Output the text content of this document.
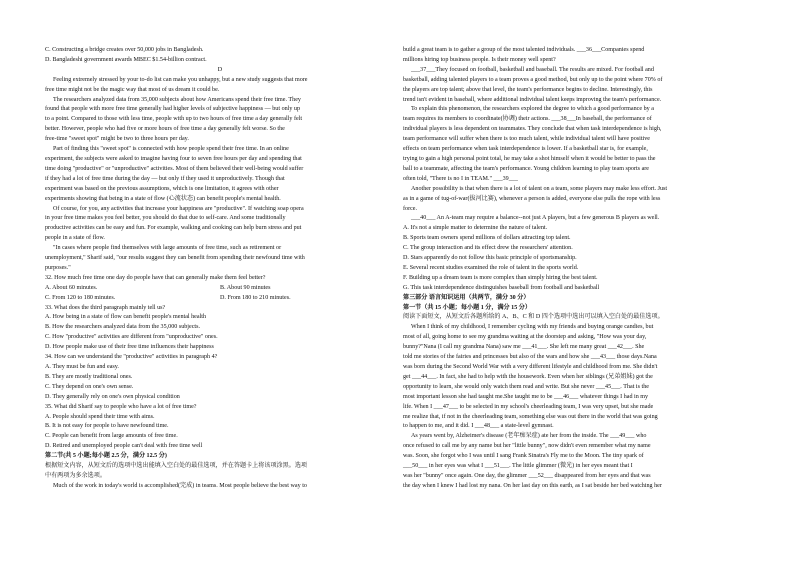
C. Constructing a bridge creates over 50,000 jobs in Bangladesh.

D. Bangladeshi government awards MBEC $1.54-billion contract.

D

Feeling extremely stressed by your to-do list can make you unhappy, but a new study suggests that more

free time might not be the magic way that most of us dream it could be.

The researchers analyzed data from 35,000 subjects about how Americans spend their free time. They

found that people with more free time generally had higher levels of subjective happiness — but only up

to a point. Compared to those with less time, people with up to two hours of free time a day generally felt

better. However, people who had five or more hours of free time a day generally felt worse. So the

free-time "sweet spot" might be two to three hours per day.

Part of finding this "sweet spot" is connected with how people spend their free time. In an online

experiment, the subjects were asked to imagine having four to seven free hours per day and spending that

time doing "productive" or "unproductive" activities. Most of them believed their well-being would suffer

if they had a lot of free time during the day — but only if they used it unproductively. Though that

experiment was based on the previous assumptions, which is one limitation, it agrees with other

experiments showing that being in a state of flow (心流状态) can benefit people's mental health.

Of course, for you, any activities that increase your happiness are "productive". If watching soap opera

in your free time makes you feel better, you should do that due to self-care. And some traditionally

productive activities can be easy and fun. For example, walking and cooking can help burn stress and put

people in a state of flow.

"In cases where people find themselves with large amounts of free time, such as retirement or

unemployment," Sharif said, "our results suggest they can benefit from spending their newfound time with

purposes."

32. How much free time one day do people have that can generally make them feel better?

A. About 60 minutes.	B. About 90 minutes
C. From 120 to 180 minutes.	D. From 180 to 210 minutes.

33. What does the third paragraph mainly tell us?

A. How being in a state of flow can benefit people's mental health

B. How the researchers analyzed data from the 35,000 subjects.

C. How "productive" activities are different from "unproductive" ones.

D. How people make use of their free time influences their happiness

34. How can we understand the "productive" activities in paragraph 4?

A. They must be fun and easy.

B. They are mostly traditional ones.

C. They depend on one's own sense.

D. They generally rely on one's own physical condition

35. What did Sharif say to people who have a lot of free time?

A. People should spend their time with aims.

B. It is not easy for people to have newfound time.

C. People can benefit from large amounts of free time.

D. Retired and unemployed people can't deal with free time well

第二节(共 5 小题;每小题 2.5 分，满分 12.5 分)

根据短文内容，从短文后的选项中选出能填入空白处的最佳选项，并在答题卡上将该项涂黑。选项

中有两项为多余选项。

Much of the work in today's world is accomplished(完成) in teams. Most people believe the best way to

build a great team is to gather a group of the most talented individuals. ___36___Companies spend

millions hiring top business people. Is their money well spent?

___37___They focused on football, basketball and baseball. The results are mixed. For football and

basketball, adding talented players to a team proves a good method, but only up to the point where 70% of

the players are top talent; above that level, the team's performance begins to decline. Interestingly, this

trend isn't evident in baseball, where additional individual talent keeps improving the team's performance.

To explain this phenomenon, the researchers explored the degree to which a good performance by a

team requires its members to coordinate(协调) their actions. ___38___In baseball, the performance of

individual players is less dependent on teammates. They conclude that when task interdependence is high,

team performance will suffer when there is too much talent, while individual talent will have positive

effects on team performance when task interdependence is lower. If a basketball star is, for example,

trying to gain a high personal point total, he may take a shot himself when it would be better to pass the

ball to a teammate, affecting the team's performance. Young children learning to play team sports are

often told, "There is no I in TEAM." ___39___

Another possibility is that when there is a lot of talent on a team, some players may make less effort. Just

as in a game of tug-of-war(拔河比赛), whenever a person is added, everyone else pulls the rope with less

force.

___40___ An A-team may require a balance--not just A players, but a few generous B players as well.

A. It's not a simple matter to determine the nature of talent.

B. Sports team owners spend millions of dollars attracting top talent.

C. The group interaction and its effect drew the researchers' attention.

D. Stars apparently do not follow this basic principle of sportsmanship.

E. Several recent studies examined the role of talent in the sports world.

F. Building up a dream team is more complex than simply hiring the best talent.

G. This task interdependence distinguishes baseball from football and basketball

第三部分 语言知识运用（共两节，满分 30 分）

第一节（共 15 小题；每小题 1 分，满分 15 分）

阅读下面短文，从短文后各题所给的 A、B、C 和 D 四个选项中选出可以填入空白处的最佳选项。

When I think of my childhood, I remember cycling with my friends and buying orange candies, but

most of all, going home to see my grandma waiting at the doorstep and asking, "How was your day,

bunny?"Nana (I call my grandma Nana) saw me ___41___. She left me many great ___42___. She

told me stories of the fairies and princesses but also of the wars and how she ___43___ those days.Nana

was born during the Second World War with a very different lifestyle and childhood from me. She didn't

get ___44___. In fact, she had to help with the housework. Even when her siblings (兄弟姐妹) got the

opportunity to learn, she would only watch them read and write. But she never ___45___. That is the

most important lesson she had taught me.She taught me to be ___46___ whatever things I had in my

life. When I ___47___ to be selected in my school's cheerleading team, I was very upset, but she made

me realize that, if not in the cheerleading team, something else was out there in the world that was going

to happen to me, and it did. I ___48___ a state-level gymnast.

As years went by, Alzheimer's disease (老年痴呆症) ate her from the inside. The ___49___ who

once refused to call me by any name but her "little bunny", now didn't even remember what my name

was. Soon, she forgot who I was until I sang Frank Sinatra's Fly me to the Moon. The tiny spark of

___50___ in her eyes was what I ___51___. The little glimmer (微光) in her eyes meant that I

was her "bunny" once again. One day, the glimmer ___52___ disappeared from her eyes and that was

the day when I knew I had lost my nana. On her last day on this earth, as I sat beside her bed watching her
